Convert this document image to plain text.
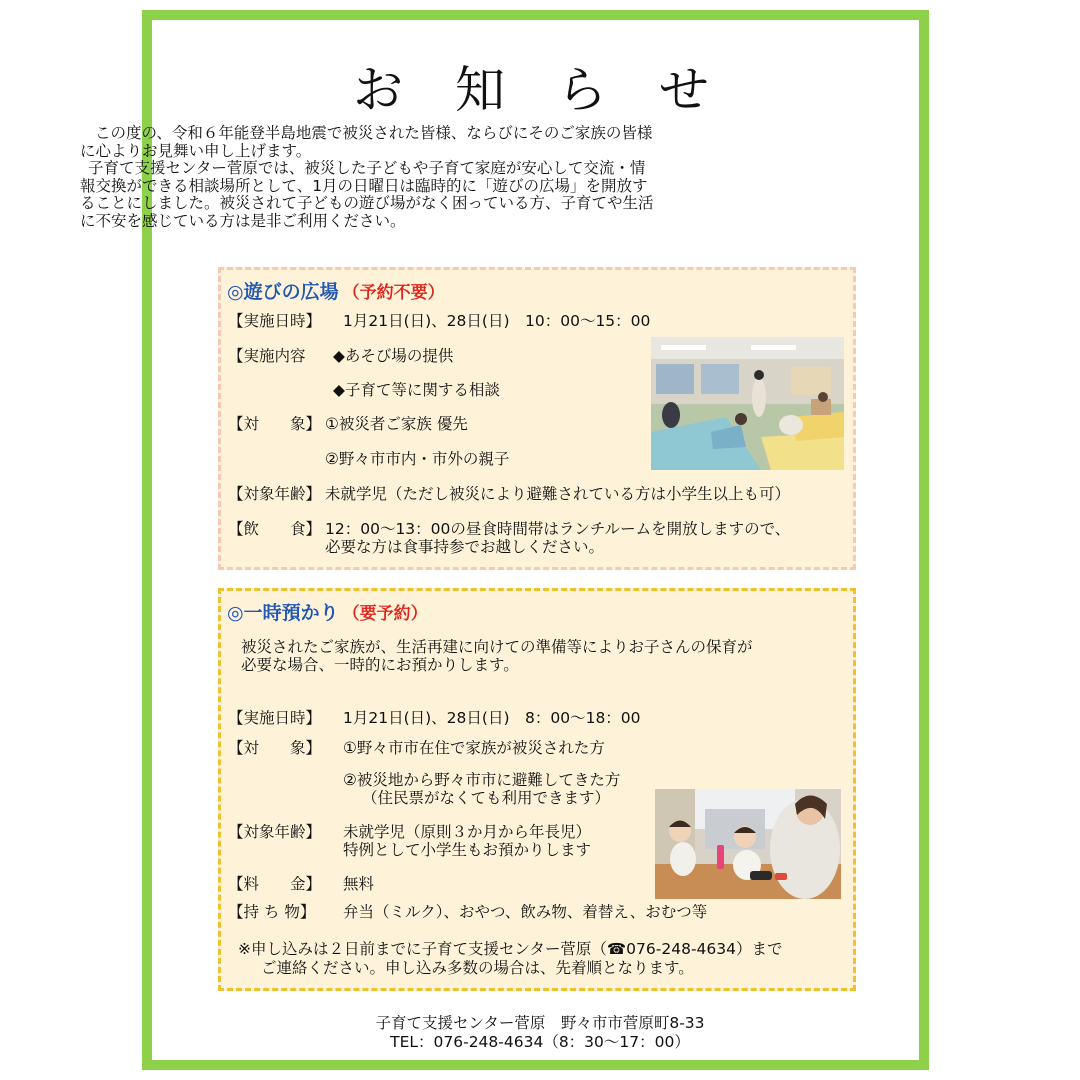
お 知 ら せ

この度の、令和６年能登半島地震で被災された皆様、ならびにそのご家族の皆様

に心よりお見舞い申し上げます。

子育て支援センター菅原では、被災した子どもや子育て家庭が安心して交流・情

報交換ができる相談場所として、1月の日曜日は臨時的に「遊びの広場」を開放す

ることにしました。被災されて子どもの遊び場がなく困っている方、子育てや生活

に不安を感じている方は是非ご利用ください。

◎遊びの広場 （予約不要）
【実施日時】 1月21日(日)、28日(日)　10：00～15：00
【実施内容 ◆あそび場の提供
◆子育て等に関する相談
【対　　象】 ①被災者ご家族 優先
②野々市市内・市外の親子
【対象年齢】 未就学児（ただし被災により避難されている方は小学生以上も可）
【飲　　食】 12：00～13：00の昼食時間帯はランチルームを開放しますので、
必要な方は食事持参でお越しください。
◎一時預かり （要予約）
被災されたご家族が、生活再建に向けての準備等によりお子さんの保育が
必要な場合、一時的にお預かりします。
【実施日時】 1月21日(日)、28日(日)　8：00～18：00
【対　　象】 ①野々市市在住で家族が被災された方
②被災地から野々市市に避難してきた方
（住民票がなくても利用できます）
【対象年齢】 未就学児（原則３か月から年長児）
特例として小学生もお預かりします
【料　　金】 無料
【持 ち 物】 弁当（ミルク）、おやつ、飲み物、着替え、おむつ等
※申し込みは２日前までに子育て支援センター菅原（☎076-248-4634）まで
ご連絡ください。申し込み多数の場合は、先着順となります。
子育て支援センター菅原　野々市市菅原町8-33
TEL：076-248-4634（8：30～17：00）
